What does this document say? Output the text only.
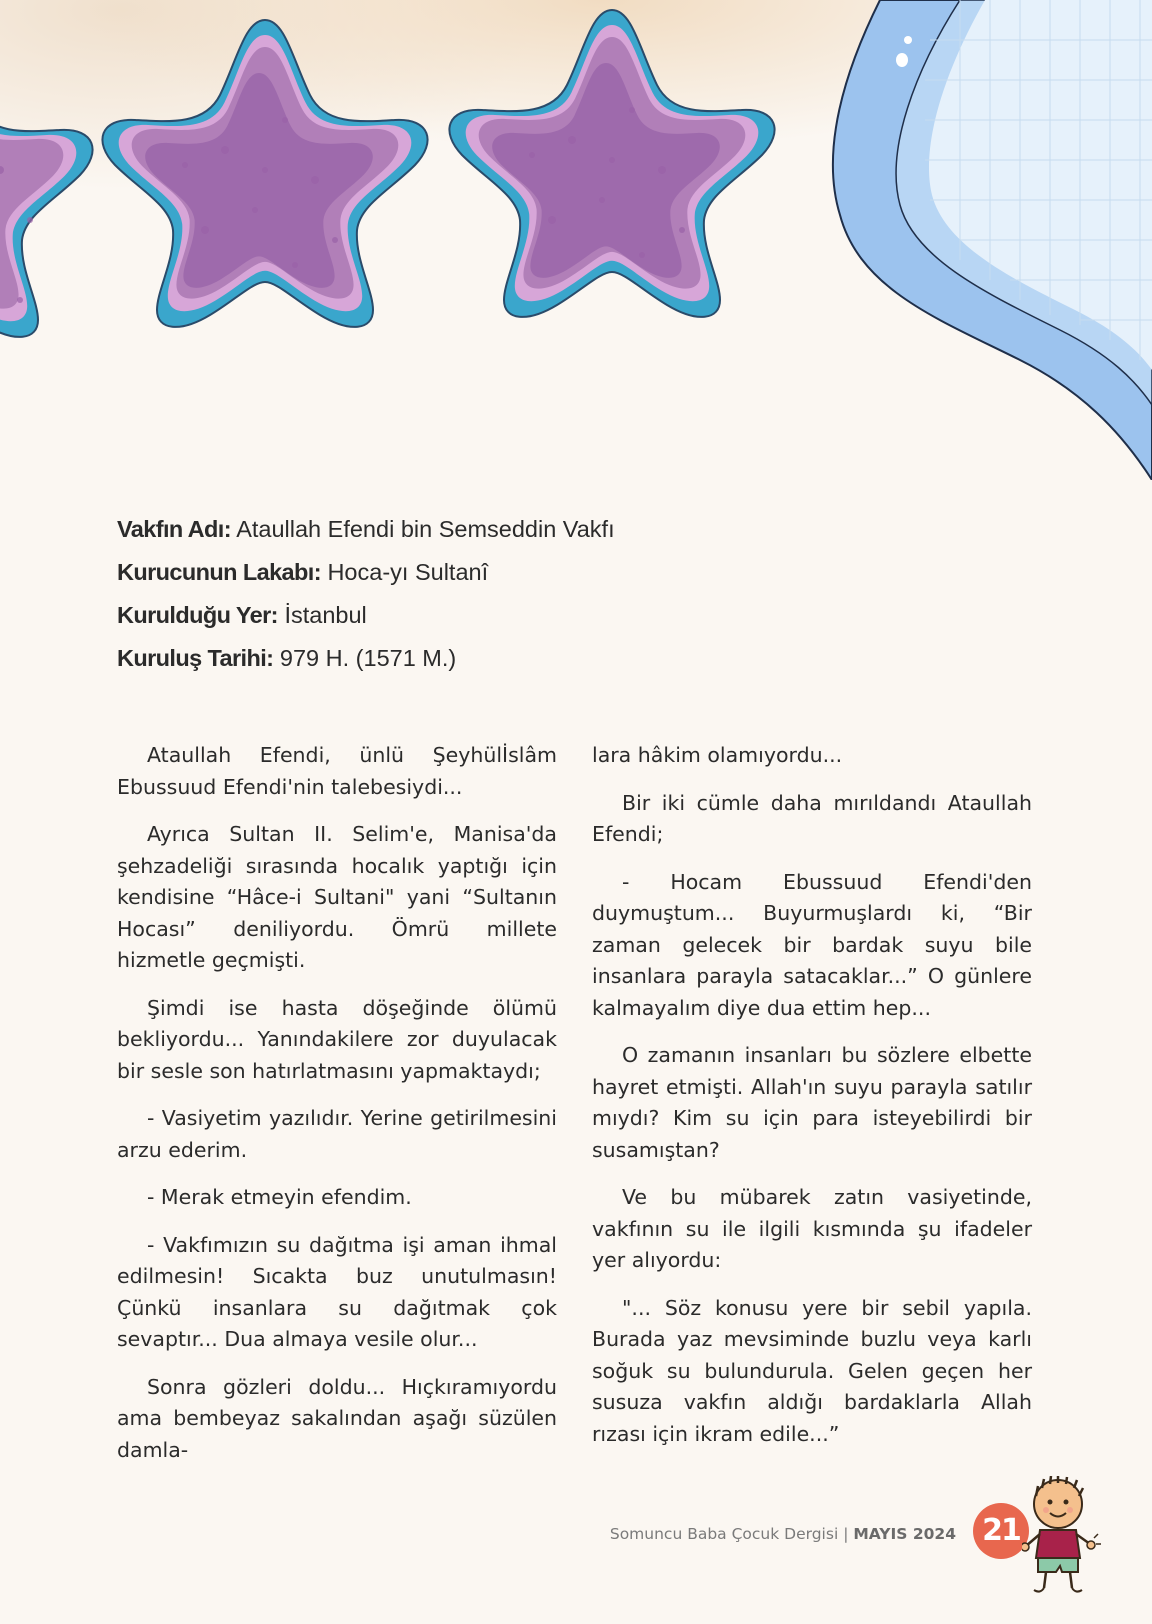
Vakfın Adı: Ataullah Efendi bin Semseddin Vakfı
Kurucunun Lakabı: Hoca-yı Sultanî
Kurulduğu Yer: İstanbul
Kuruluş Tarihi: 979 H. (1571 M.)

Ataullah Efendi, ünlü Şeyhülİslâm Ebussuud Efendi'nin talebesiydi...

Ayrıca Sultan II. Selim'e, Manisa'da şehzadeliği sırasında hocalık yaptığı için kendisine “Hâce-i Sultani" yani “Sultanın Hocası” deniliyordu. Ömrü millete hizmetle geçmişti.

Şimdi ise hasta döşeğinde ölümü bekliyordu... Yanındakilere zor duyulacak bir sesle son hatırlatmasını yapmaktaydı;

- Vasiyetim yazılıdır. Yerine getirilmesini arzu ederim.

- Merak etmeyin efendim.

- Vakfımızın su dağıtma işi aman ihmal edilmesin! Sıcakta buz unutulmasın! Çünkü insanlara su dağıtmak çok sevaptır... Dua almaya vesile olur...

Sonra gözleri doldu... Hıçkıramıyordu ama bembeyaz sakalından aşağı süzülen damla-

lara hâkim olamıyordu...

Bir iki cümle daha mırıldandı Ataullah Efendi;

- Hocam Ebussuud Efendi'den duymuştum... Buyurmuşlardı ki, “Bir zaman gelecek bir bardak suyu bile insanlara parayla satacaklar...” O günlere kalmayalım diye dua ettim hep...

O zamanın insanları bu sözlere elbette hayret etmişti. Allah'ın suyu parayla satılır mıydı? Kim su için para isteyebilirdi bir susamıştan?

Ve bu mübarek zatın vasiyetinde, vakfının su ile ilgili kısmında şu ifadeler yer alıyordu:

"... Söz konusu yere bir sebil yapıla. Burada yaz mevsiminde buzlu veya karlı soğuk su bulundurula. Gelen geçen her susuza vakfın aldığı bardaklarla Allah rızası için ikram edile...”

Somuncu Baba Çocuk Dergisi | MAYIS 2024 21
